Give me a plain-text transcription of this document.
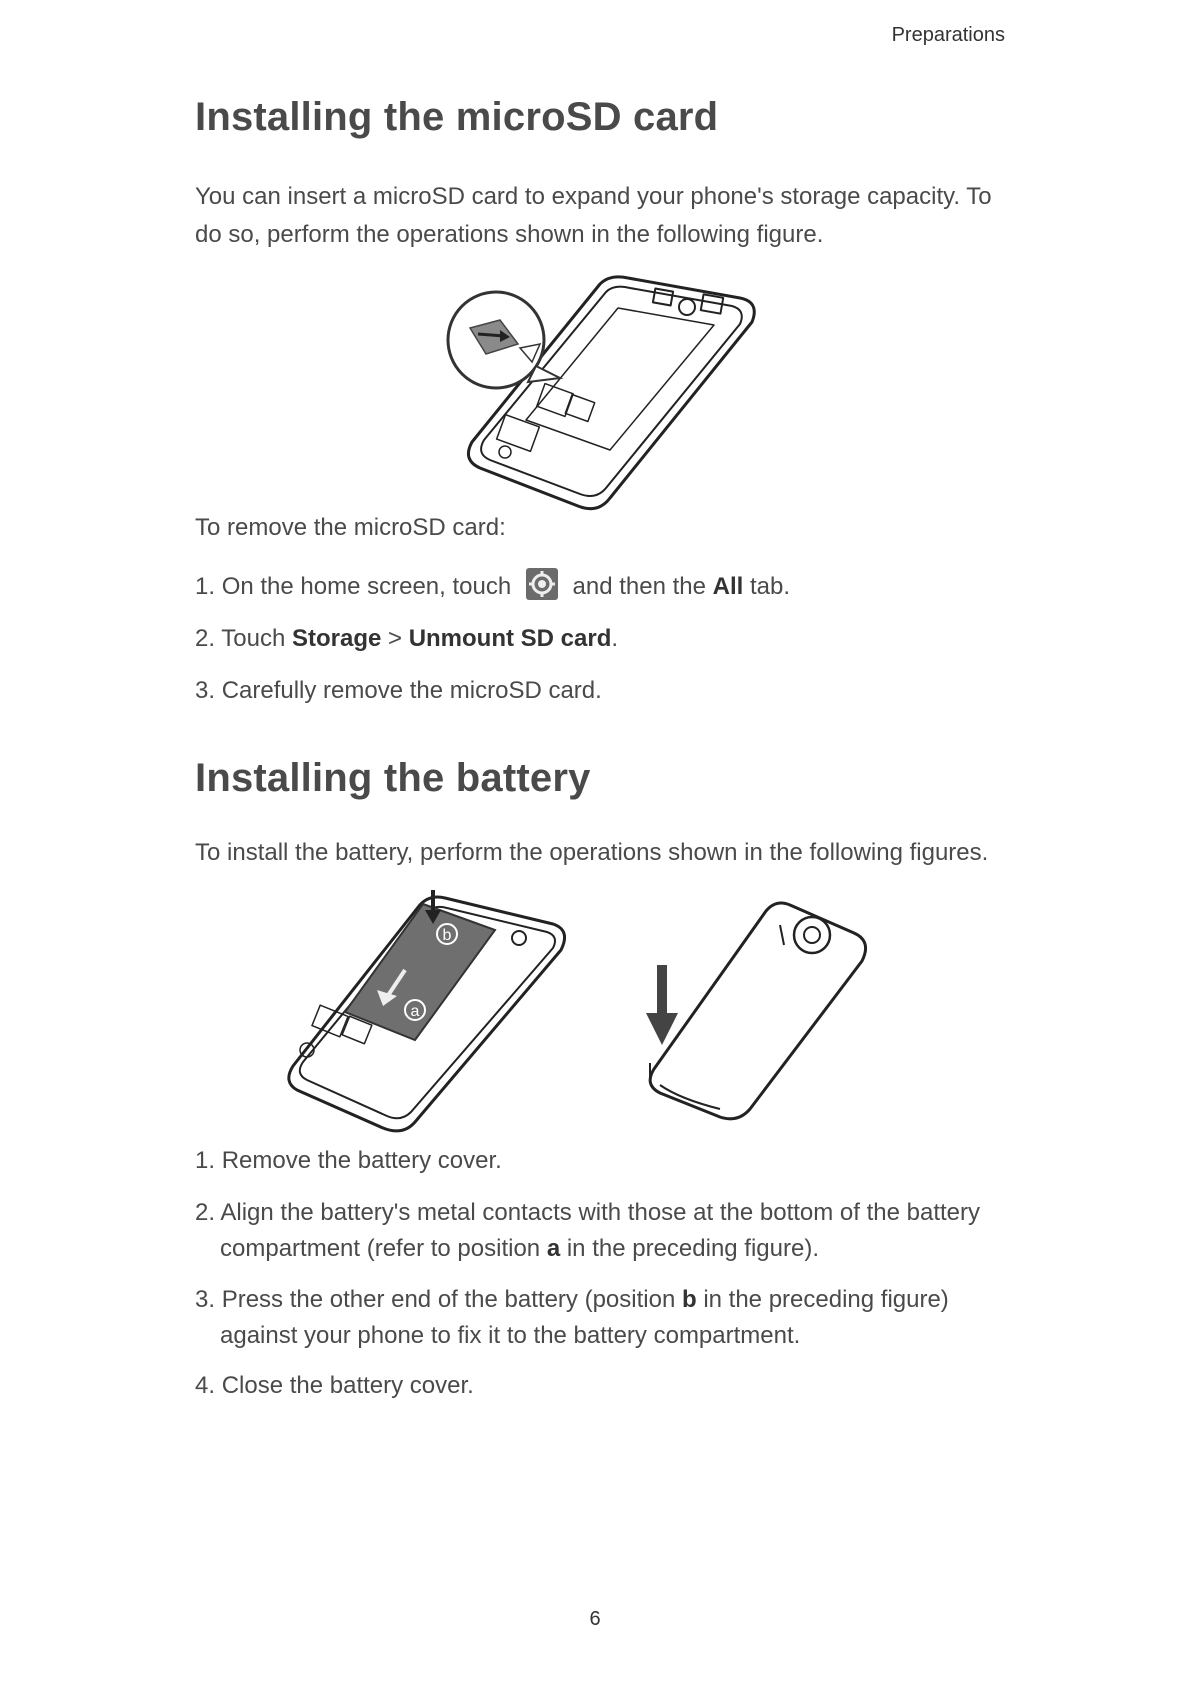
Preparations
Installing the microSD card
You can insert a microSD card to expand your phone's storage capacity. To do so, perform the operations shown in the following figure.
To remove the microSD card:
1. On the home screen, touch	and then the All tab.
2. Touch Storage > Unmount SD card.
3. Carefully remove the microSD card.
Installing the battery
To install the battery, perform the operations shown in the following figures.
b
a
1. Remove the battery cover.
2. Align the battery's metal contacts with those at the bottom of the battery
compartment (refer to position a in the preceding figure).
3. Press the other end of the battery (position b in the preceding figure)
against your phone to fix it to the battery compartment.
4. Close the battery cover.
6
